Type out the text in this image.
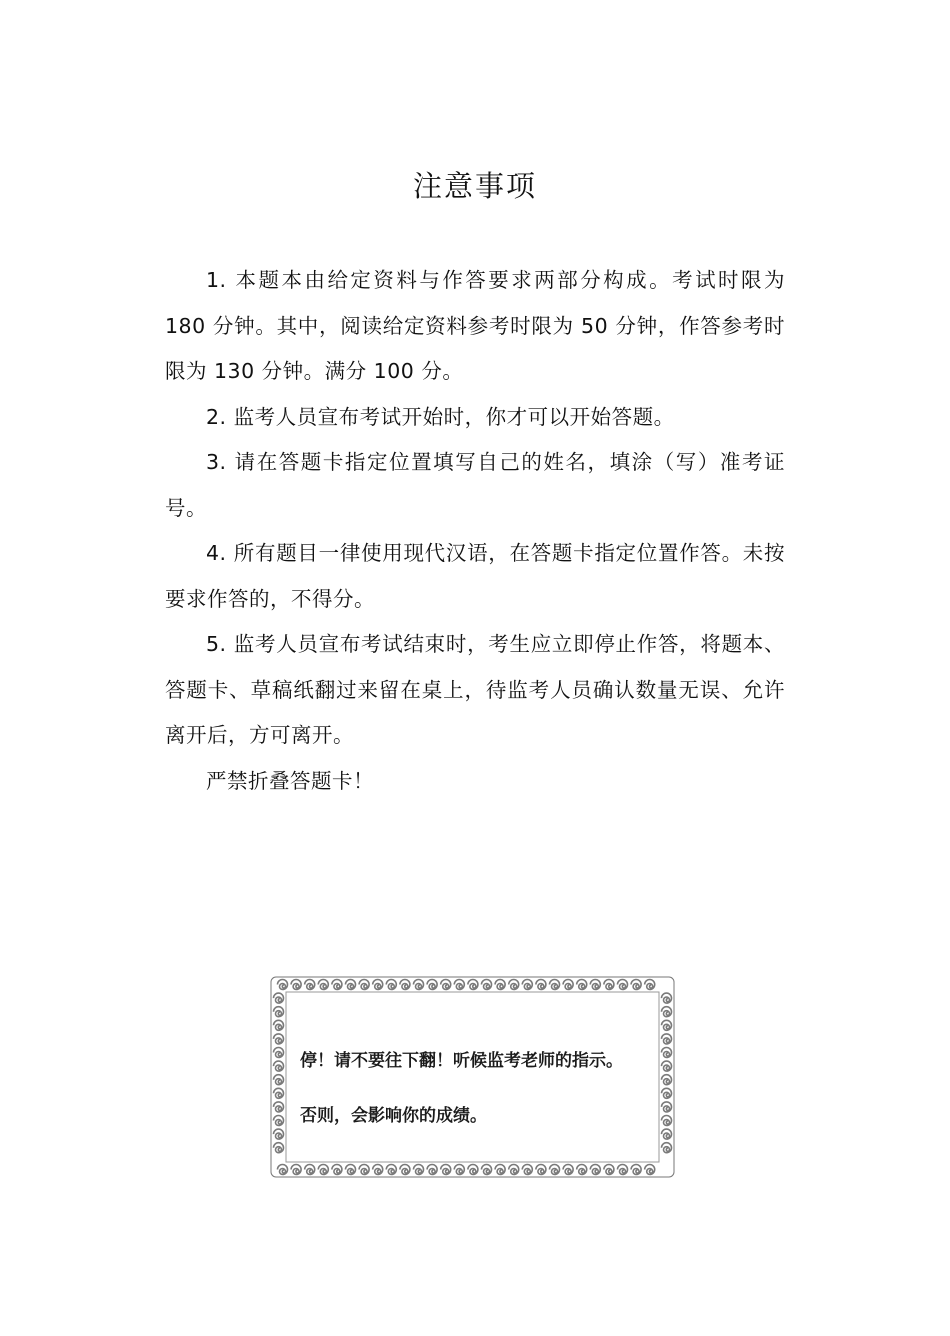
注意事项

1. 本题本由给定资料与作答要求两部分构成。考试时限为 180 分钟。其中，阅读给定资料参考时限为 50 分钟，作答参考时限为 130 分钟。满分 100 分。

2. 监考人员宣布考试开始时，你才可以开始答题。

3. 请在答题卡指定位置填写自己的姓名，填涂（写）准考证号。

4. 所有题目一律使用现代汉语，在答题卡指定位置作答。未按要求作答的，不得分。

5. 监考人员宣布考试结束时，考生应立即停止作答，将题本、答题卡、草稿纸翻过来留在桌上，待监考人员确认数量无误、允许离开后，方可离开。

严禁折叠答题卡！

停！请不要往下翻！听候监考老师的指示。

否则，会影响你的成绩。
